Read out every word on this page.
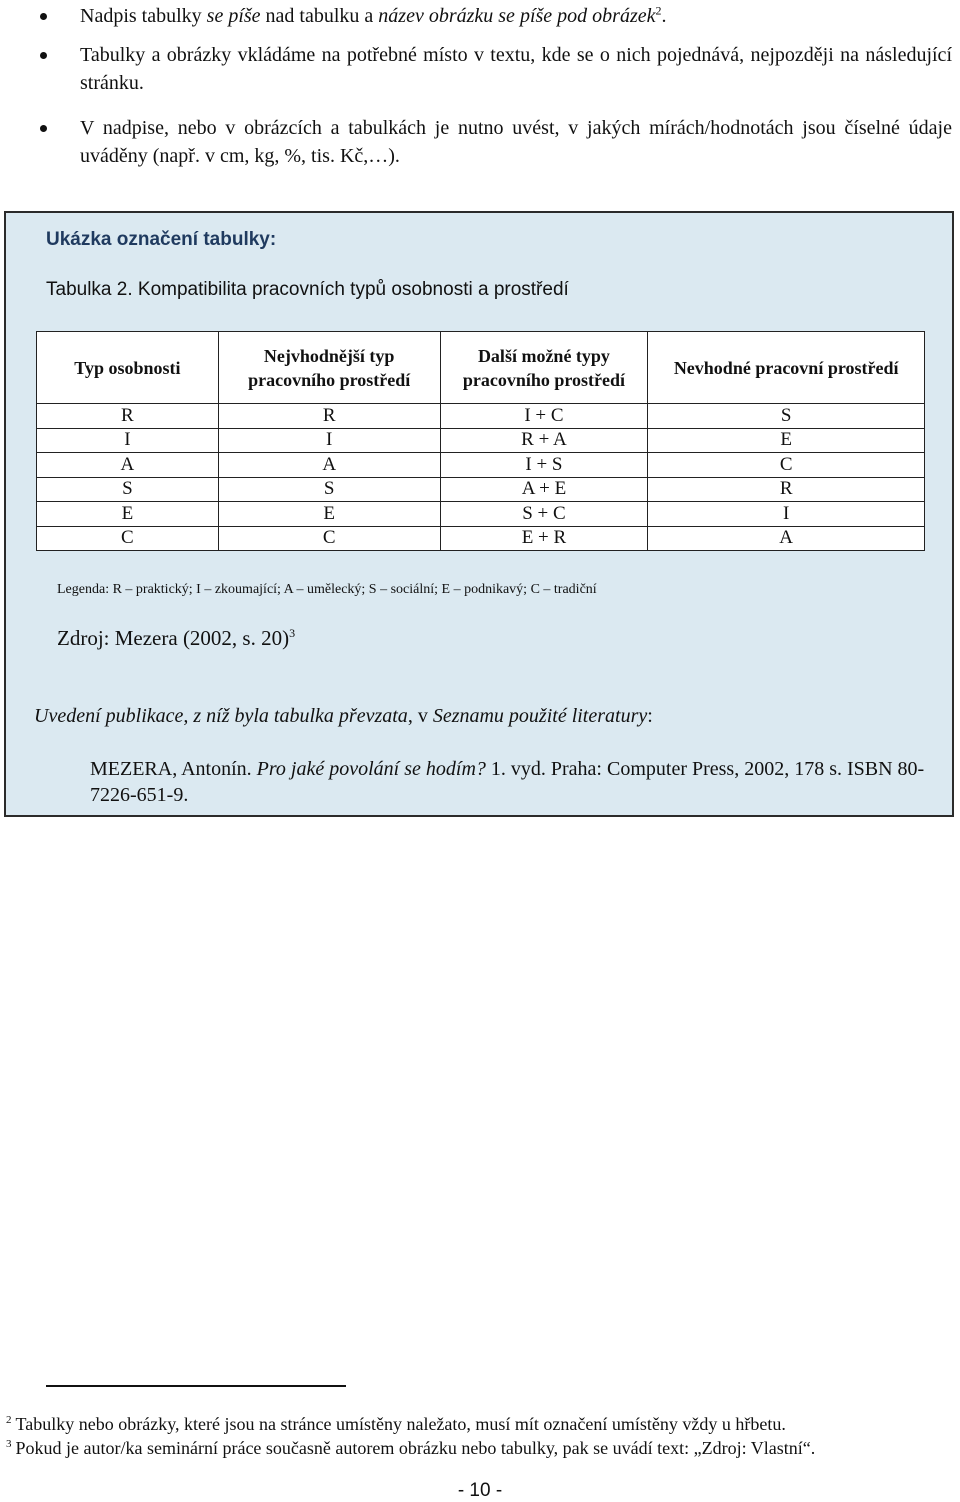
Nadpis tabulky se píše nad tabulku a název obrázku se píše pod obrázek$^2$.
Tabulky a obrázky vkládáme na potřebné místo v textu, kde se o nich pojednává, nejpozději na následující stránku.
V nadpise, nebo v obrázcích a tabulkách je nutno uvést, v jakých mírách/hodnotách jsou číselné údaje uváděny (např. v cm, kg, %, tis. Kč,…).
Ukázka označení tabulky:
Tabulka 2. Kompatibilita pracovních typů osobnosti a prostředí
Typ osobnosti	Nejvhodnější typ pracovního prostředí	Další možné typy pracovního prostředí	Nevhodné pracovní prostředí
R	R	I + C	S
I	I	R + A	E
A	A	I + S	C
S	S	A + E	R
E	E	S + C	I
C	C	E + R	A
Legenda: R – praktický; I – zkoumající; A – umělecký; S – sociální; E – podnikavý; C – tradiční
Zdroj: Mezera (2002, s. 20)$^3$
Uvedení publikace, z níž byla tabulka převzata, v Seznamu použité literatury:
MEZERA, Antonín. Pro jaké povolání se hodím? 1. vyd. Praha: Computer Press, 2002, 178 s. ISBN 80-7226-651-9.
$^2$ Tabulky nebo obrázky, které jsou na stránce umístěny naležato, musí mít označení umístěny vždy u hřbetu.
$^3$ Pokud je autor/ka seminární práce současně autorem obrázku nebo tabulky, pak se uvádí text: „Zdroj: Vlastní“.
- 10 -
